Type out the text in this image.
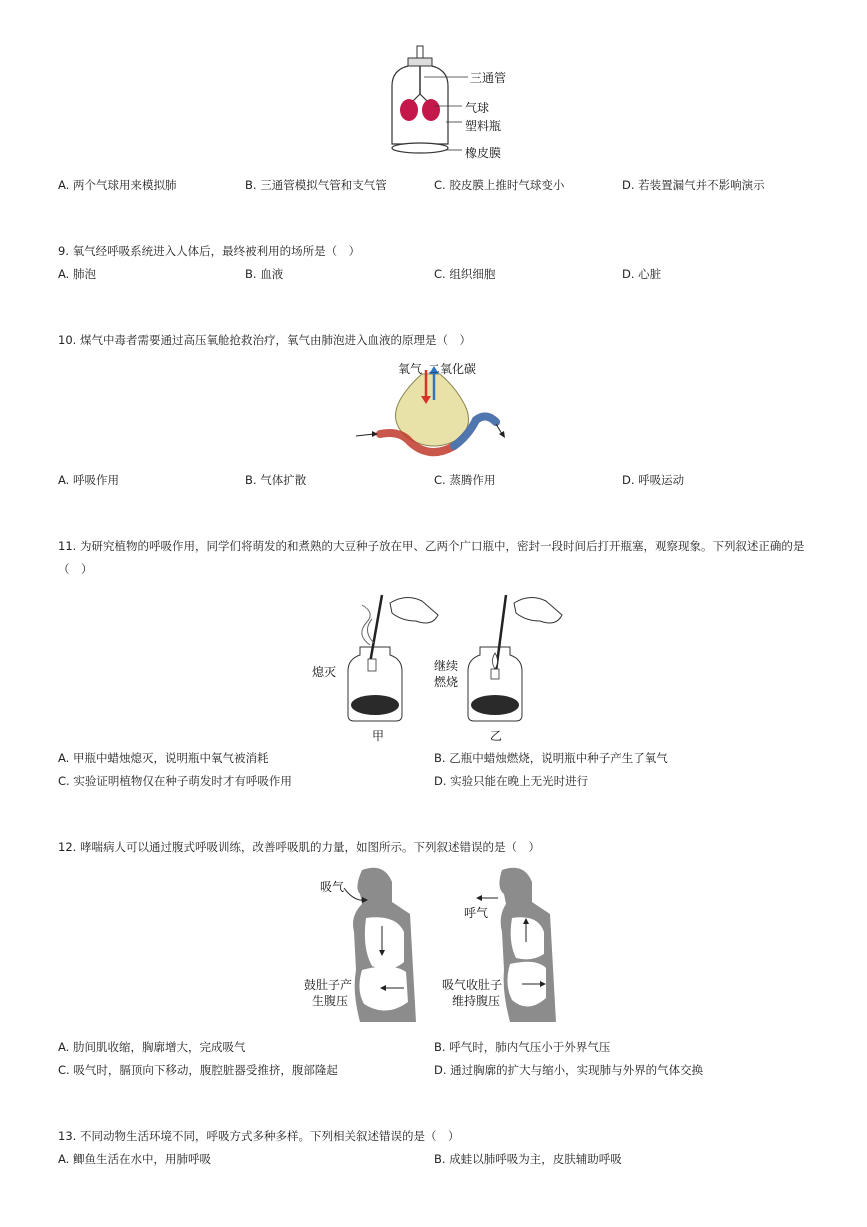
三通管
气球
塑料瓶
橡皮膜
A. 两个气球用来模拟肺	B. 三通管模拟气管和支气管	C. 胶皮膜上推时气球变小	D. 若装置漏气并不影响演示
9. 氧气经呼吸系统进入人体后，最终被利用的场所是（　）
A. 肺泡	B. 血液	C. 组织细胞	D. 心脏
10. 煤气中毒者需要通过高压氧舱抢救治疗，氧气由肺泡进入血液的原理是（　）
氧气 二氧化碳
A. 呼吸作用	B. 气体扩散	C. 蒸腾作用	D. 呼吸运动
11. 为研究植物的呼吸作用，同学们将萌发的和煮熟的大豆种子放在甲、乙两个广口瓶中，密封一段时间后打开瓶塞，观察现象。下列叙述正确的是
（　）
熄灭	继续
燃烧
甲	乙
A. 甲瓶中蜡烛熄灭，说明瓶中氧气被消耗	B. 乙瓶中蜡烛燃烧，说明瓶中种子产生了氧气
C. 实验证明植物仅在种子萌发时才有呼吸作用	D. 实验只能在晚上无光时进行
12. 哮喘病人可以通过腹式呼吸训练，改善呼吸肌的力量，如图所示。下列叙述错误的是（　）
吸气
呼气
鼓肚子产
生腹压
吸气收肚子
维持腹压
A. 肋间肌收缩，胸廓增大，完成吸气	B. 呼气时，肺内气压小于外界气压
C. 吸气时，膈顶向下移动，腹腔脏器受推挤，腹部隆起	D. 通过胸廓的扩大与缩小，实现肺与外界的气体交换
13. 不同动物生活环境不同，呼吸方式多种多样。下列相关叙述错误的是（　）
A. 鲫鱼生活在水中，用肺呼吸	B. 成蛙以肺呼吸为主，皮肤辅助呼吸
